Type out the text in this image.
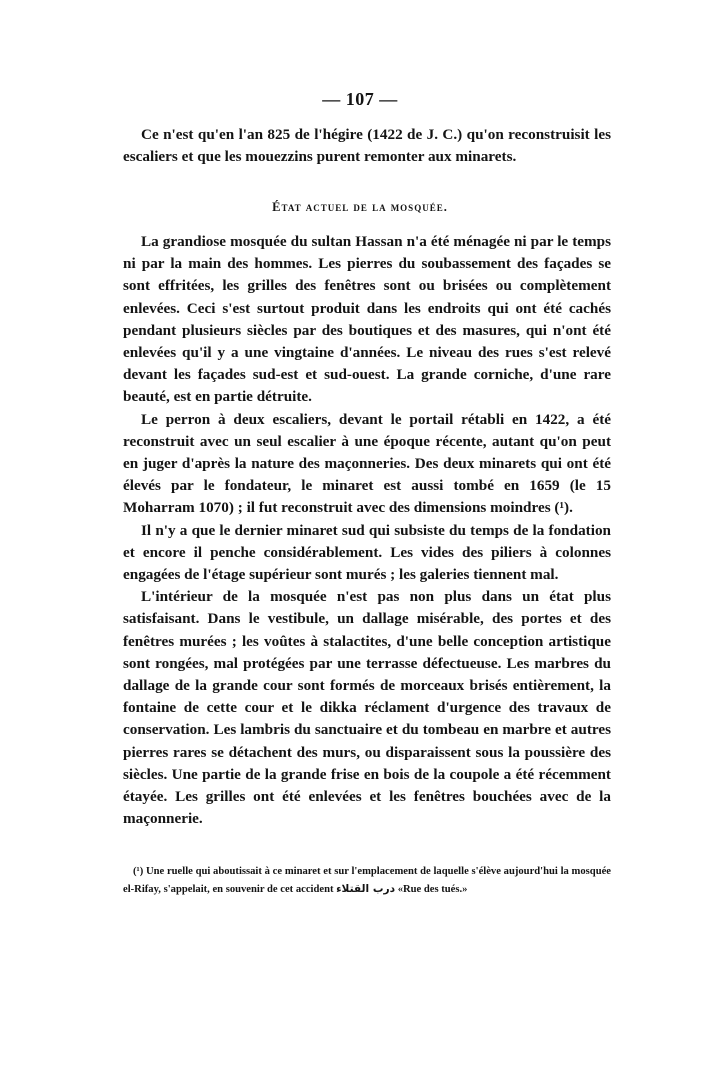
— 107 —

Ce n'est qu'en l'an 825 de l'hégire (1422 de J. C.) qu'on reconstruisit les escaliers et que les mouezzins purent remonter aux minarets.

État actuel de la mosquée.

La grandiose mosquée du sultan Hassan n'a été ménagée ni par le temps ni par la main des hommes. Les pierres du soubassement des façades se sont effritées, les grilles des fenêtres sont ou brisées ou complètement enlevées. Ceci s'est surtout produit dans les endroits qui ont été cachés pendant plusieurs siècles par des boutiques et des masures, qui n'ont été enlevées qu'il y a une vingtaine d'années. Le niveau des rues s'est relevé devant les façades sud-est et sud-ouest. La grande corniche, d'une rare beauté, est en partie détruite.

Le perron à deux escaliers, devant le portail rétabli en 1422, a été reconstruit avec un seul escalier à une époque récente, autant qu'on peut en juger d'après la nature des maçonneries. Des deux minarets qui ont été élevés par le fondateur, le minaret est aussi tombé en 1659 (le 15 Moharram 1070) ; il fut reconstruit avec des dimensions moindres (¹).

Il n'y a que le dernier minaret sud qui subsiste du temps de la fondation et encore il penche considérablement. Les vides des piliers à colonnes engagées de l'étage supérieur sont murés ; les galeries tiennent mal.

L'intérieur de la mosquée n'est pas non plus dans un état plus satisfaisant. Dans le vestibule, un dallage misérable, des portes et des fenêtres murées ; les voûtes à stalactites, d'une belle conception artistique sont rongées, mal protégées par une terrasse défectueuse. Les marbres du dallage de la grande cour sont formés de morceaux brisés entièrement, la fontaine de cette cour et le dikka réclament d'urgence des travaux de conservation. Les lambris du sanctuaire et du tombeau en marbre et autres pierres rares se détachent des murs, ou disparaissent sous la poussière des siècles. Une partie de la grande frise en bois de la coupole a été récemment étayée. Les grilles ont été enlevées et les fenêtres bouchées avec de la maçonnerie.

(¹) Une ruelle qui aboutissait à ce minaret et sur l'emplacement de laquelle s'élève aujourd'hui la mosquée el-Rifay, s'appelait, en souvenir de cet accident درب القتلاء «Rue des tués.»
